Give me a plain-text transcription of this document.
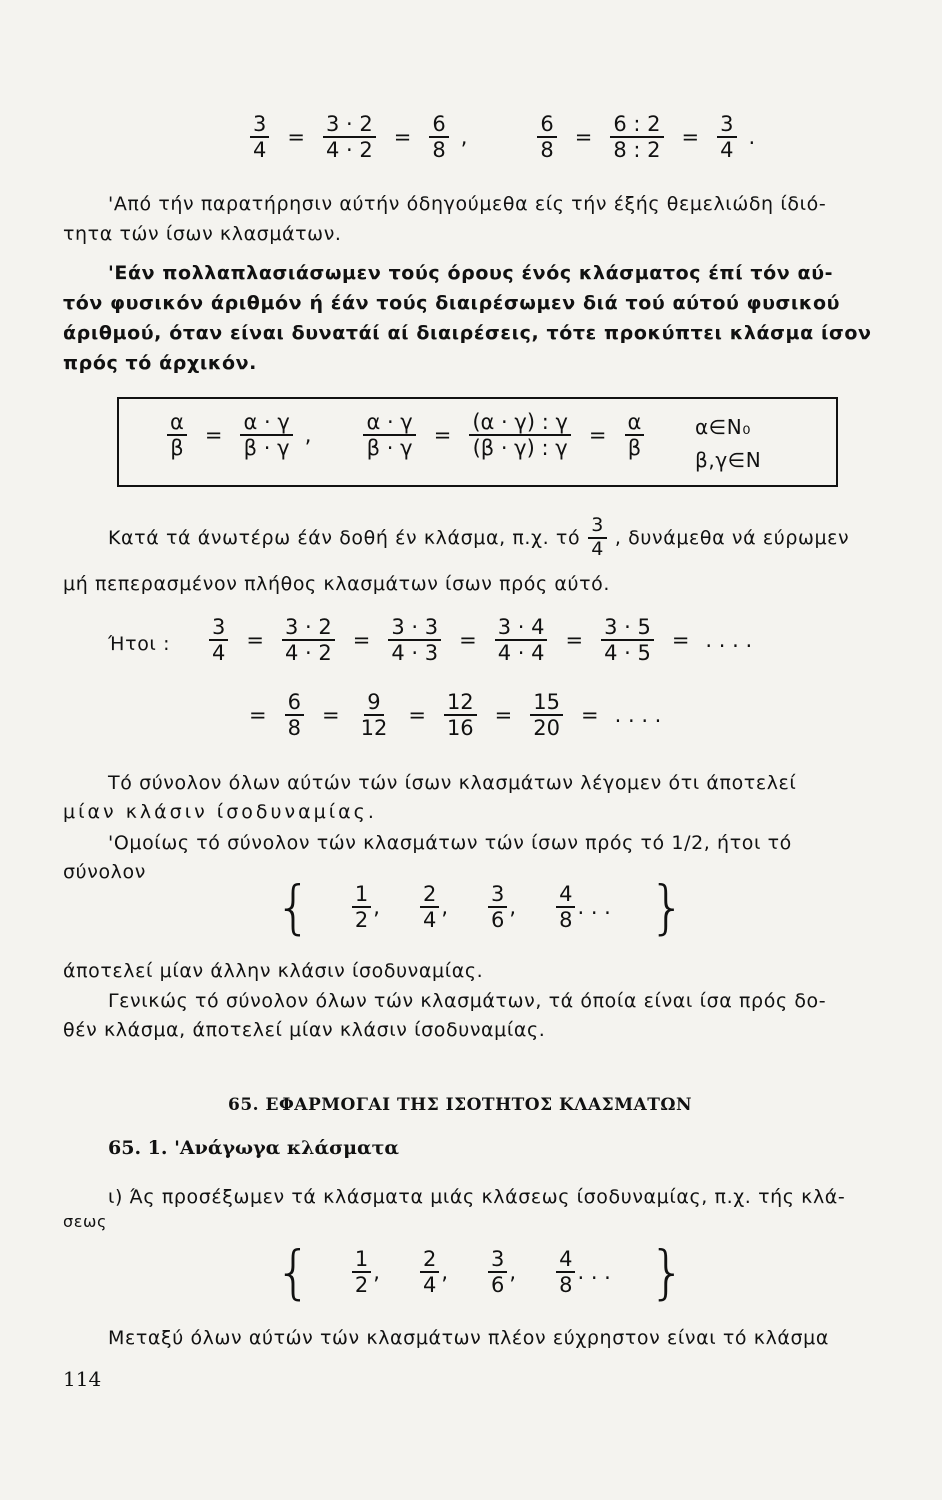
$\frac{3}{4} = \frac{3 \cdot 2}{4 \cdot 2} = \frac{6}{8}$ ,	$\frac{6}{8} = \frac{6 : 2}{8 : 2} = \frac{3}{4}$ .
'Από τήν παρατήρησιν αύτήν όδηγούμεθα είς τήν έξής θεμελιώδη ίδιό-
τητα τών ίσων κλασμάτων.
'Εάν πολλαπλασιάσωμεν τούς όρους ένός κλάσματος έπί τόν αύ-
τόν φυσικόν άριθμόν ή έάν τούς διαιρέσωμεν διά τού αύτού φυσικού
άριθμού, όταν είναι δυνατάί αί διαιρέσεις, τότε προκύπτει κλάσμα ίσον
πρός τό άρχικόν.
$\frac{\alpha}{\beta} = \frac{\alpha \cdot \gamma}{\beta \cdot \gamma}$ , $\frac{\alpha \cdot \gamma}{\beta \cdot \gamma} = \frac{(\alpha \cdot \gamma) : \gamma}{(\beta \cdot \gamma) : \gamma} = \frac{\alpha}{\beta}$	α∈N₀
β,γ∈N
Κατά τά άνωτέρω έάν δοθή έν κλάσμα, π.χ. τό $\frac{3}{4}$ , δυνάμεθα νά εύρωμεν
μή πεπερασμένον πλήθος κλασμάτων ίσων πρός αύτό.
Ήτοι : $\frac{3}{4} = \frac{3 \cdot 2}{4 \cdot 2} = \frac{3 \cdot 3}{4 \cdot 3} = \frac{3 \cdot 4}{4 \cdot 4} = \frac{3 \cdot 5}{4 \cdot 5}$ = . . . .
= $\frac{6}{8} = \frac{9}{12} = \frac{12}{16} = \frac{15}{20}$ = . . . .
Τό σύνολον όλων αύτών τών ίσων κλασμάτων λέγομεν ότι άποτελεί
μίαν κλάσιν ίσοδυναμίας.
'Ομοίως τό σύνολον τών κλασμάτων τών ίσων πρός τό 1/2, ήτοι τό
σύνολον
{ $\frac{1}{2}$ , $\frac{2}{4}$ , $\frac{3}{6}$ , $\frac{4}{8}$ . . . }
άποτελεί μίαν άλλην κλάσιν ίσοδυναμίας.
Γενικώς τό σύνολον όλων τών κλασμάτων, τά όποία είναι ίσα πρός δο-
θέν κλάσμα, άποτελεί μίαν κλάσιν ίσοδυναμίας.
65. ΕΦΑΡΜΟΓΑΙ ΤΗΣ ΙΣΟΤΗΤΟΣ ΚΛΑΣΜΑΤΩΝ
65. 1. 'Ανάγωγα κλάσματα
ι) Άς προσέξωμεν τά κλάσματα μιάς κλάσεως ίσοδυναμίας, π.χ. τής κλά-
σεως
{ $\frac{1}{2}$ , $\frac{2}{4}$ , $\frac{3}{6}$ , $\frac{4}{8}$ . . . }
Μεταξύ όλων αύτών τών κλασμάτων πλέον εύχρηστον είναι τό κλάσμα
114
